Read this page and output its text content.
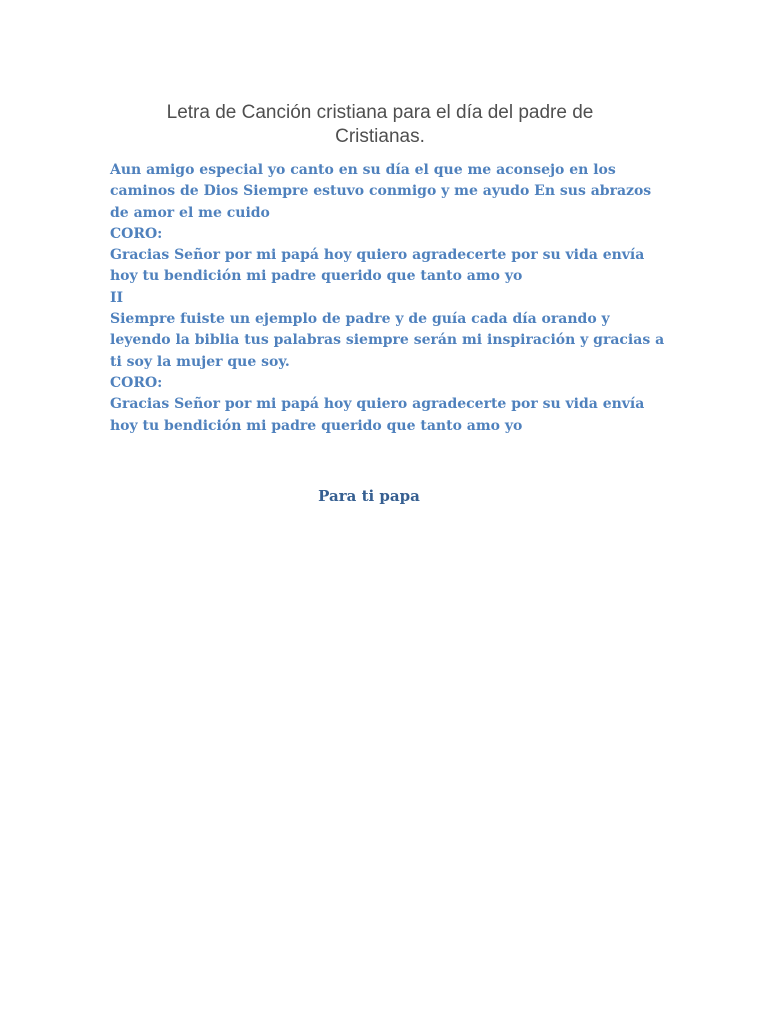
Letra de Canción cristiana para el día del padre de
Cristianas.
Aun amigo especial yo canto en su día el que me aconsejo en los
caminos de Dios Siempre estuvo conmigo y me ayudo En sus abrazos
de amor el me cuido
CORO:
Gracias Señor por mi papá hoy quiero agradecerte por su vida envía
hoy tu bendición mi padre querido que tanto amo yo
II
Siempre fuiste un ejemplo de padre y de guía cada día orando y
leyendo la biblia tus palabras siempre serán mi inspiración y gracias a
ti soy la mujer que soy.
CORO:
Gracias Señor por mi papá hoy quiero agradecerte por su vida envía
hoy tu bendición mi padre querido que tanto amo yo
Para ti papa
